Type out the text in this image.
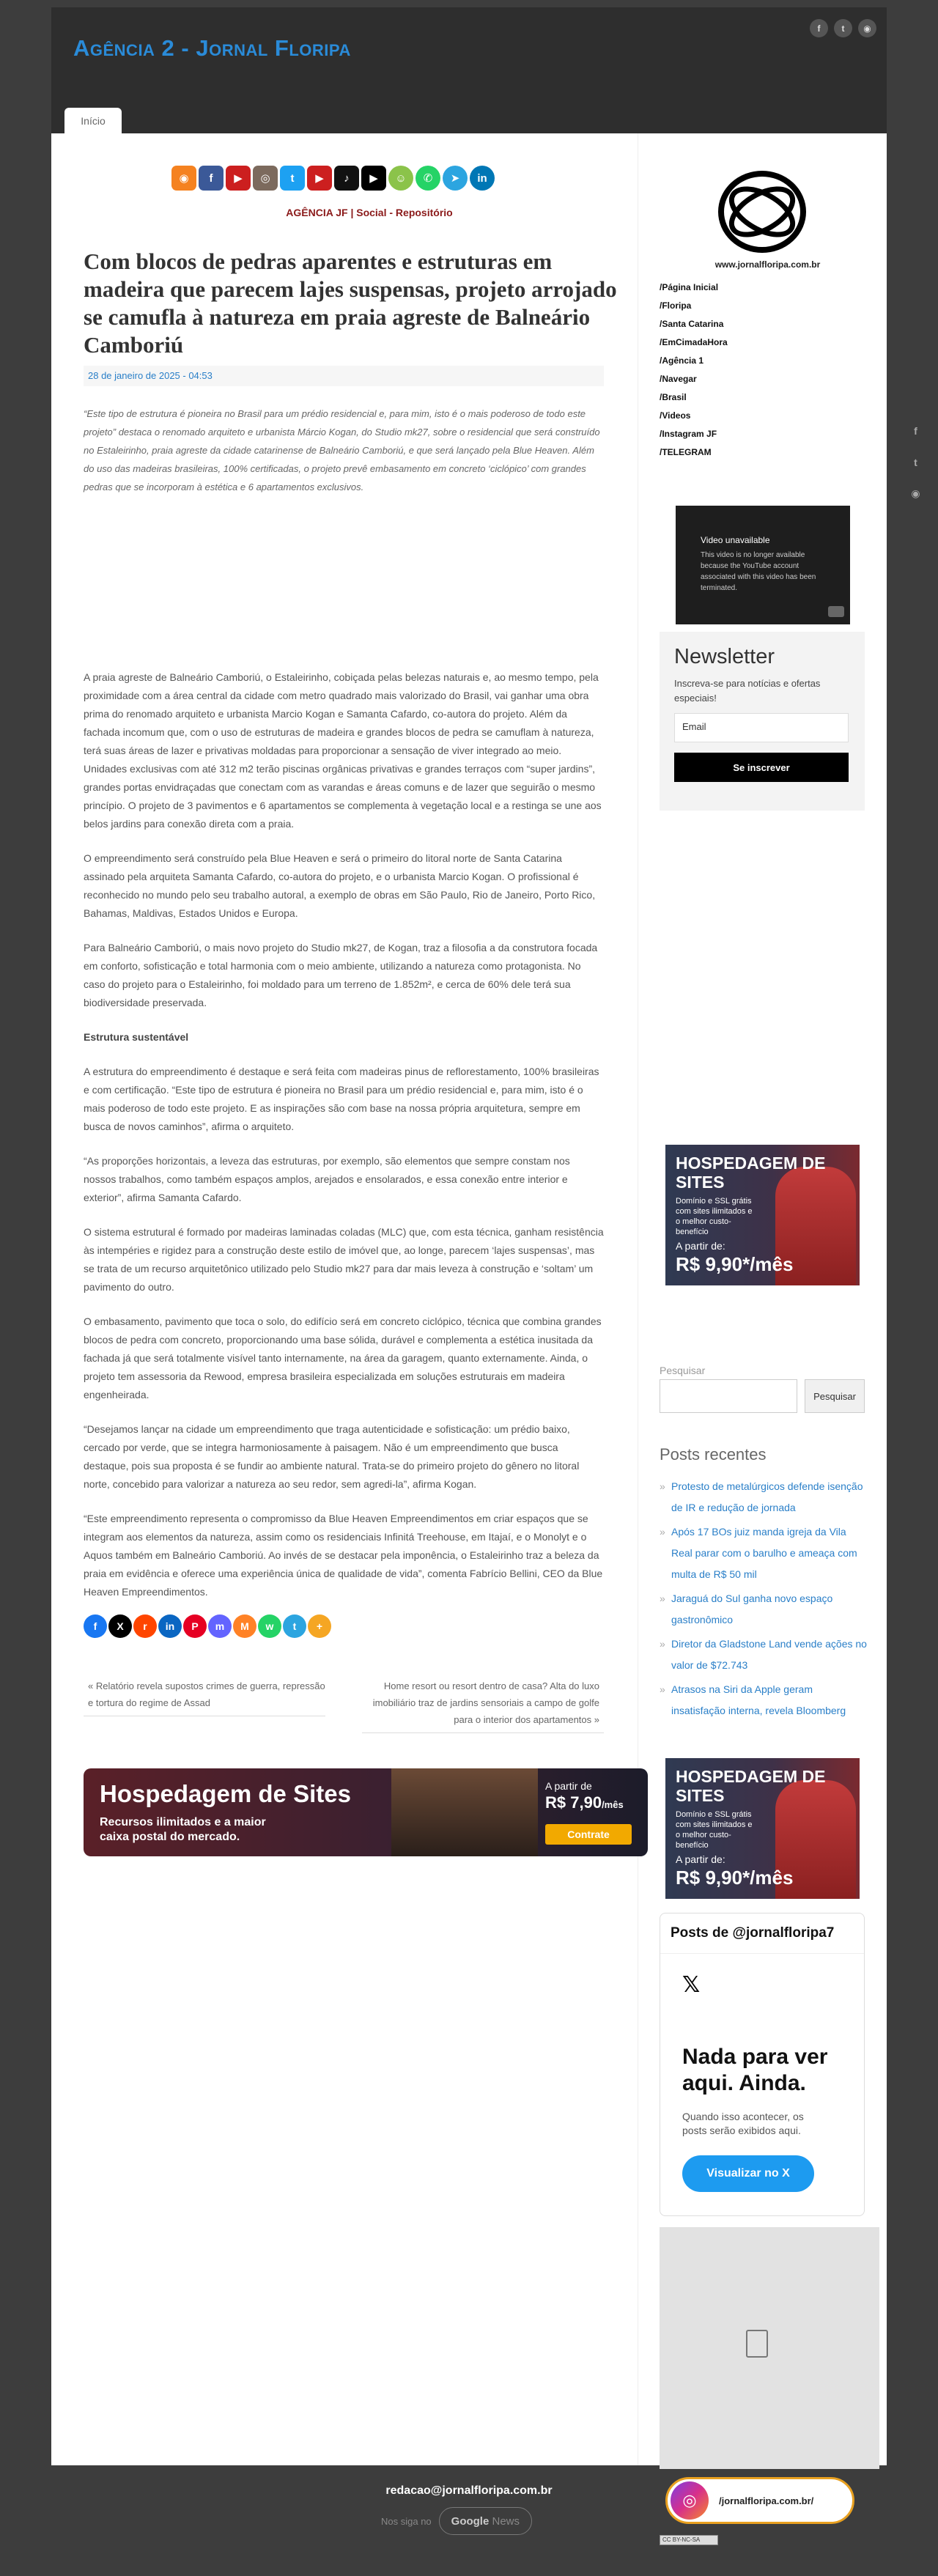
Agência 2 - Jornal Floripa
f	t	◉
Início
◉	f	▶	◎	t	▶	♪	▶	☺	✆	➤	in
AGÊNCIA JF | Social - Repositório
Com blocos de pedras aparentes e estruturas em madeira que parecem lajes suspensas, projeto arrojado se camufla à natureza em praia agreste de Balneário Camboriú
28 de janeiro de 2025 - 04:53

“Este tipo de estrutura é pioneira no Brasil para um prédio residencial e, para mim, isto é o mais poderoso de todo este projeto” destaca o renomado arquiteto e urbanista Márcio Kogan, do Studio mk27, sobre o residencial que será construído no Estaleirinho, praia agreste da cidade catarinense de Balneário Camboriú, e que será lançado pela Blue Heaven. Além do uso das madeiras brasileiras, 100% certificadas, o projeto prevê embasamento em concreto ‘ciclópico’ com grandes pedras que se incorporam à estética e 6 apartamentos exclusivos.

A praia agreste de Balneário Camboriú, o Estaleirinho, cobiçada pelas belezas naturais e, ao mesmo tempo, pela proximidade com a área central da cidade com metro quadrado mais valorizado do Brasil, vai ganhar uma obra prima do renomado arquiteto e urbanista Marcio Kogan e Samanta Cafardo, co-autora do projeto. Além da fachada incomum que, com o uso de estruturas de madeira e grandes blocos de pedra se camuflam à natureza, terá suas áreas de lazer e privativas moldadas para proporcionar a sensação de viver integrado ao meio. Unidades exclusivas com até 312 m2 terão piscinas orgânicas privativas e grandes terraços com “super jardins”, grandes portas envidraçadas que conectam com as varandas e áreas comuns e de lazer que seguirão o mesmo princípio. O projeto de 3 pavimentos e 6 apartamentos se complementa à vegetação local e a restinga se une aos belos jardins para conexão direta com a praia.

O empreendimento será construído pela Blue Heaven e será o primeiro do litoral norte de Santa Catarina assinado pela arquiteta Samanta Cafardo, co-autora do projeto, e o urbanista Marcio Kogan. O profissional é reconhecido no mundo pelo seu trabalho autoral, a exemplo de obras em São Paulo, Rio de Janeiro, Porto Rico, Bahamas, Maldivas, Estados Unidos e Europa.

Para Balneário Camboriú, o mais novo projeto do Studio mk27, de Kogan, traz a filosofia a da construtora focada em conforto, sofisticação e total harmonia com o meio ambiente, utilizando a natureza como protagonista. No caso do projeto para o Estaleirinho, foi moldado para um terreno de 1.852m², e cerca de 60% dele terá sua biodiversidade preservada.

Estrutura sustentável

A estrutura do empreendimento é destaque e será feita com madeiras pinus de reflorestamento, 100% brasileiras e com certificação. “Este tipo de estrutura é pioneira no Brasil para um prédio residencial e, para mim, isto é o mais poderoso de todo este projeto. E as inspirações são com base na nossa própria arquitetura, sempre em busca de novos caminhos”, afirma o arquiteto.

“As proporções horizontais, a leveza das estruturas, por exemplo, são elementos que sempre constam nos nossos trabalhos, como também espaços amplos, arejados e ensolarados, e essa conexão entre interior e exterior”, afirma Samanta Cafardo.

O sistema estrutural é formado por madeiras laminadas coladas (MLC) que, com esta técnica, ganham resistência às intempéries e rigidez para a construção deste estilo de imóvel que, ao longe, parecem ‘lajes suspensas’, mas se trata de um recurso arquitetônico utilizado pelo Studio mk27 para dar mais leveza à construção e ‘soltam’ um pavimento do outro.

O embasamento, pavimento que toca o solo, do edifício será em concreto ciclópico, técnica que combina grandes blocos de pedra com concreto, proporcionando uma base sólida, durável e complementa a estética inusitada da fachada já que será totalmente visível tanto internamente, na área da garagem, quanto externamente. Ainda, o projeto tem assessoria da Rewood, empresa brasileira especializada em soluções estruturais em madeira engenheirada.

“Desejamos lançar na cidade um empreendimento que traga autenticidade e sofisticação: um prédio baixo, cercado por verde, que se integra harmoniosamente à paisagem. Não é um empreendimento que busca destaque, pois sua proposta é se fundir ao ambiente natural. Trata-se do primeiro projeto do gênero no litoral norte, concebido para valorizar a natureza ao seu redor, sem agredi-la”, afirma Kogan.

“Este empreendimento representa o compromisso da Blue Heaven Empreendimentos em criar espaços que se integram aos elementos da natureza, assim como os residenciais Infinitá Treehouse, em Itajaí, e o Monolyt e o Aquos também em Balneário Camboriú. Ao invés de se destacar pela imponência, o Estaleirinho traz a beleza da praia em evidência e oferece uma experiência única de qualidade de vida”, comenta Fabrício Bellini, CEO da Blue Heaven Empreendimentos.

f	X	r	in	P	m	M	w	t	+
« Relatório revela supostos crimes de guerra, repressão e tortura do regime de Assad
Home resort ou resort dentro de casa? Alta do luxo imobiliário traz de jardins sensoriais a campo de golfe para o interior dos apartamentos »
Hospedagem de Sites
Recursos ilimitados e a maior caixa postal do mercado.
A partir de
R$ 7,90/mês
Contrate
www.jornalfloripa.com.br
/Página Inicial
/Floripa
/Santa Catarina
/EmCimadaHora
/Agência 1
/Navegar
/Brasil
/Videos
/Instagram JF
/TELEGRAM
Video unavailable
This video is no longer available because the YouTube account associated with this video has been terminated.
Newsletter
Inscreva-se para notícias e ofertas especiais!
Email
Se inscrever
HOSPEDAGEM DE SITES
Domínio e SSL grátis com sites ilimitados e o melhor custo-benefício
A partir de:
R$ 9,90*/mês
Pesquisar
Pesquisar
Posts recentes
» Protesto de metalúrgicos defende isenção de IR e redução de jornada
» Após 17 BOs juiz manda igreja da Vila Real parar com o barulho e ameaça com multa de R$ 50 mil
» Jaraguá do Sul ganha novo espaço gastronômico
» Diretor da Gladstone Land vende ações no valor de $72.743
» Atrasos na Siri da Apple geram insatisfação interna, revela Bloomberg
HOSPEDAGEM DE SITES
Domínio e SSL grátis com sites ilimitados e o melhor custo-benefício
A partir de:
R$ 9,90*/mês
Posts de @jornalfloripa7
𝕏
Nada para ver aqui. Ainda.
Quando isso acontecer, os posts serão exibidos aqui.
Visualizar no X
◎	/jornalfloripa.com.br/
CC BY-NC-SA
f
t
◉
redacao@jornalfloripa.com.br
Nos siga no Google
News
